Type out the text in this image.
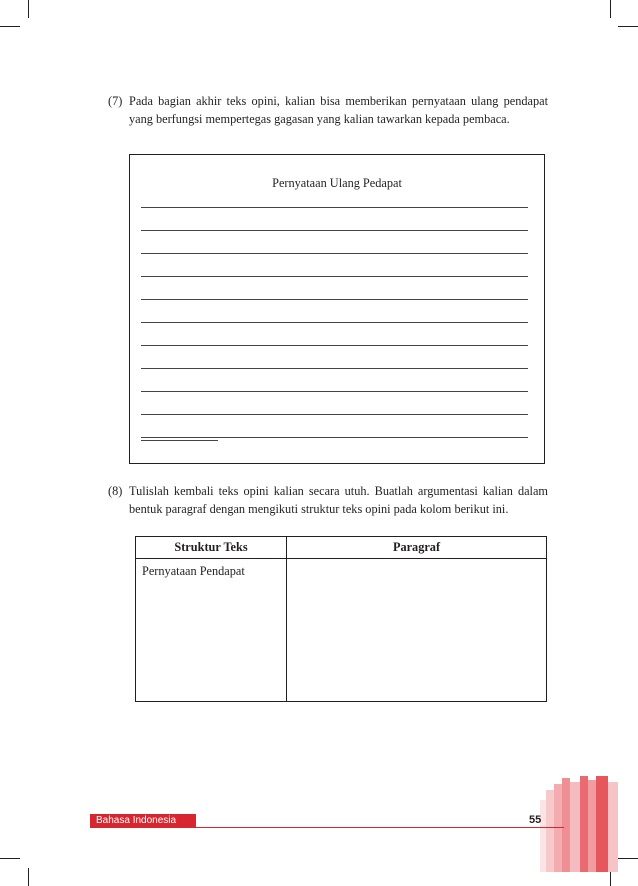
(7) Pada bagian akhir teks opini, kalian bisa memberikan pernyataan ulang pendapat yang berfungsi mempertegas gagasan yang kalian tawarkan kepada pembaca.
Pernyataan Ulang Pedapat
(8) Tulislah kembali teks opini kalian secara utuh. Buatlah argumentasi kalian dalam bentuk paragraf dengan mengikuti struktur teks opini pada kolom berikut ini.
Struktur Teks	Paragraf
Pernyataan Pendapat	
Bahasa Indonesia	55
